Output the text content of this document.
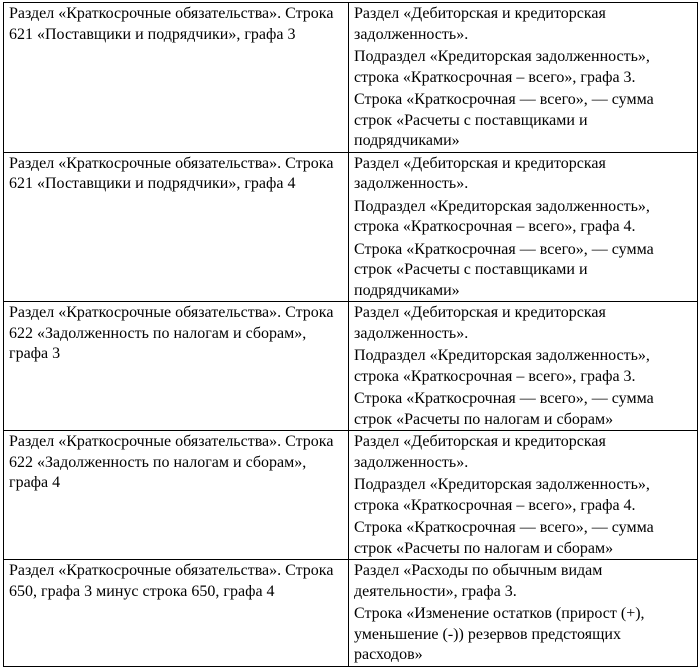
Раздел «Краткосрочные обязательства». Строка 621 «Поставщики и подрядчики», графа 3	Раздел «Дебиторская и кредиторская задолженность».

Подраздел «Кредиторская задолженность», строка «Краткосрочная – всего», графа 3.

Строка «Краткосрочная — всего», — сумма строк «Расчеты с поставщиками и подрядчиками»

Раздел «Краткосрочные обязательства». Строка 621 «Поставщики и подрядчики», графа 4	Раздел «Дебиторская и кредиторская задолженность».

Подраздел «Кредиторская задолженность», строка «Краткосрочная – всего», графа 4.

Строка «Краткосрочная — всего», — сумма строк «Расчеты с поставщиками и подрядчиками»

Раздел «Краткосрочные обязательства». Строка 622 «Задолженность по налогам и сборам», графа 3	Раздел «Дебиторская и кредиторская задолженность».

Подраздел «Кредиторская задолженность», строка «Краткосрочная – всего», графа 3.

Строка «Краткосрочная — всего», — сумма строк «Расчеты по налогам и сборам»

Раздел «Краткосрочные обязательства». Строка 622 «Задолженность по налогам и сборам», графа 4	Раздел «Дебиторская и кредиторская задолженность».

Подраздел «Кредиторская задолженность», строка «Краткосрочная – всего», графа 4.

Строка «Краткосрочная — всего», — сумма строк «Расчеты по налогам и сборам»

Раздел «Краткосрочные обязательства». Строка 650, графа 3 минус строка 650, графа 4	Раздел «Расходы по обычным видам деятельности», графа 3.

Строка «Изменение остатков (прирост (+), уменьшение (-)) резервов предстоящих расходов»
